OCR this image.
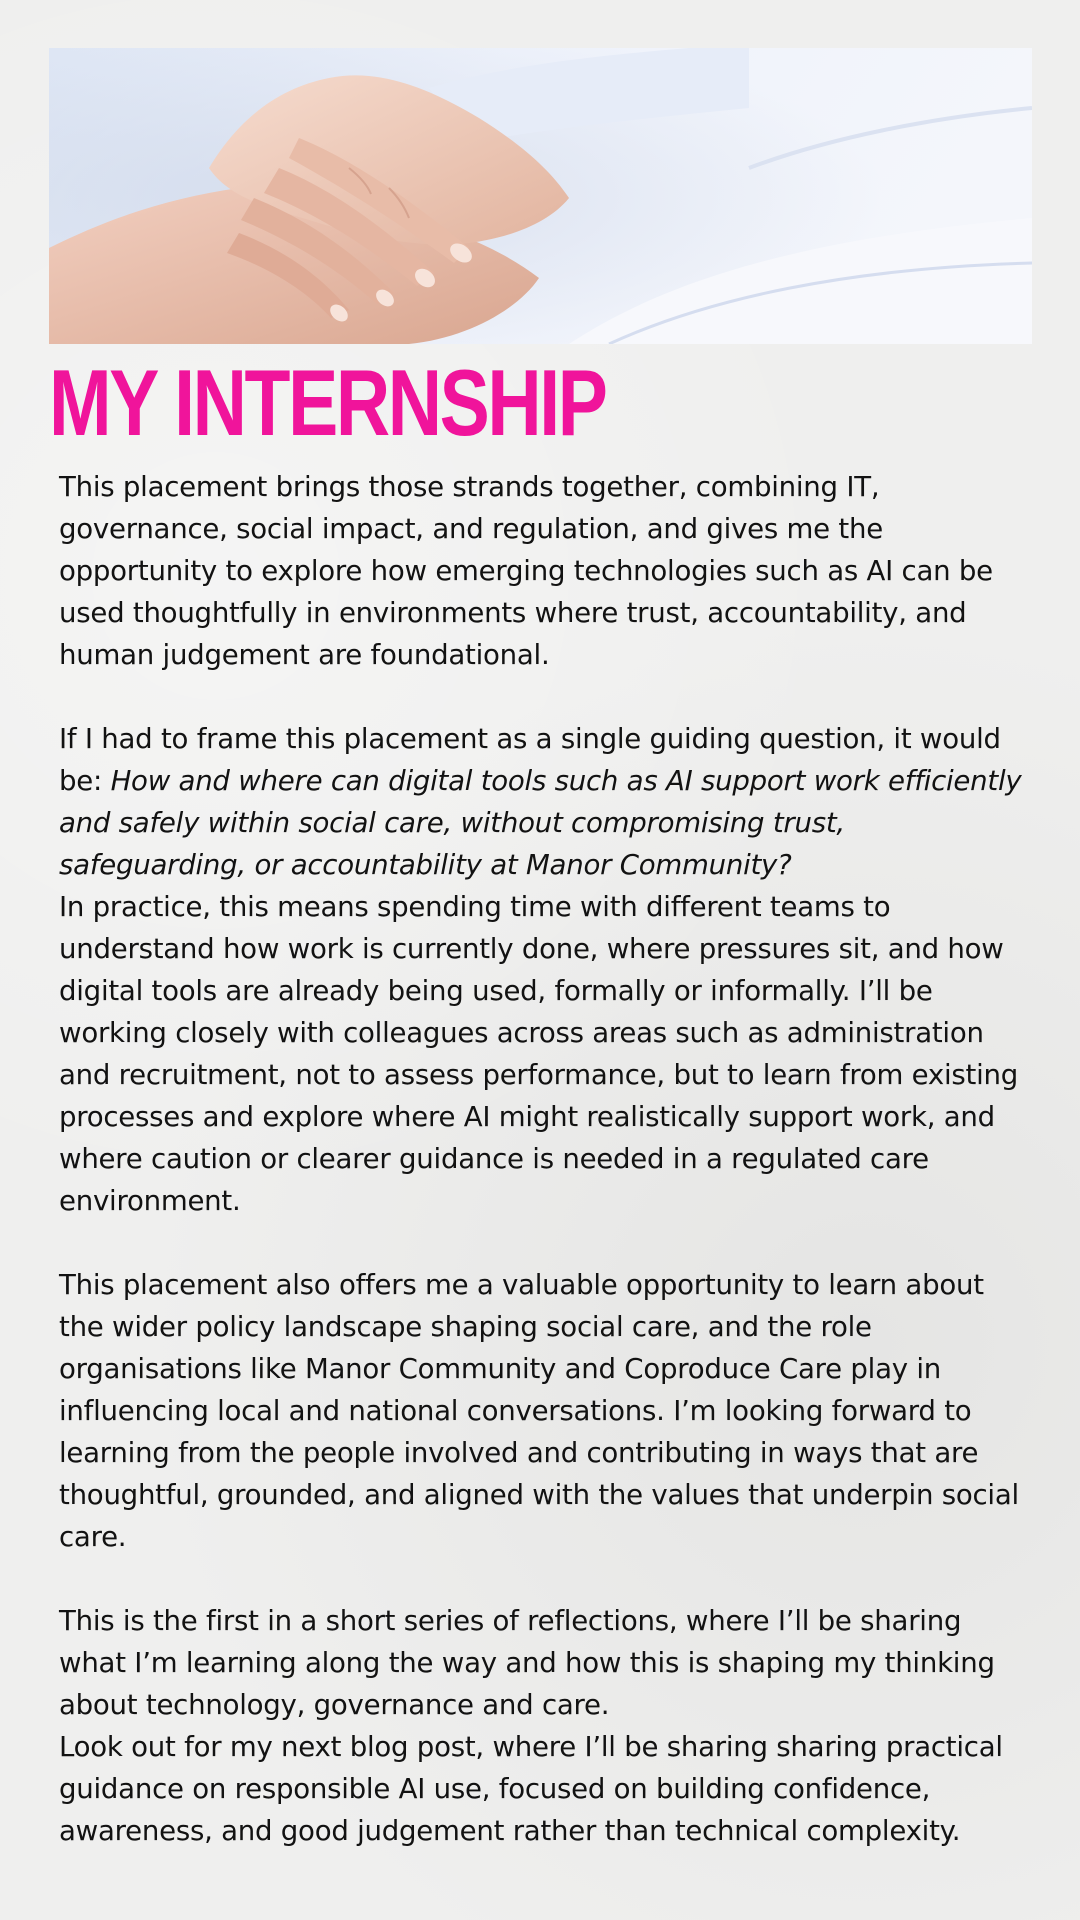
MY INTERNSHIP

This placement brings those strands together, combining IT, governance, social impact, and regulation, and gives me the opportunity to explore how emerging technologies such as AI can be used thoughtfully in environments where trust, accountability, and human judgement are foundational.

If I had to frame this placement as a single guiding question, it would be: How and where can digital tools such as AI support work efficiently and safely within social care, without compromising trust, safeguarding, or accountability at Manor Community?

In practice, this means spending time with different teams to understand how work is currently done, where pressures sit, and how digital tools are already being used, formally or informally. I’ll be working closely with colleagues across areas such as administration and recruitment, not to assess performance, but to learn from existing processes and explore where AI might realistically support work, and where caution or clearer guidance is needed in a regulated care environment.

This placement also offers me a valuable opportunity to learn about the wider policy landscape shaping social care, and the role organisations like Manor Community and Coproduce Care play in influencing local and national conversations. I’m looking forward to learning from the people involved and contributing in ways that are thoughtful, grounded, and aligned with the values that underpin social care.

This is the first in a short series of reflections, where I’ll be sharing what I’m learning along the way and how this is shaping my thinking about technology, governance and care.

Look out for my next blog post, where I’ll be sharing sharing practical guidance on responsible AI use, focused on building confidence, awareness, and good judgement rather than technical complexity.
